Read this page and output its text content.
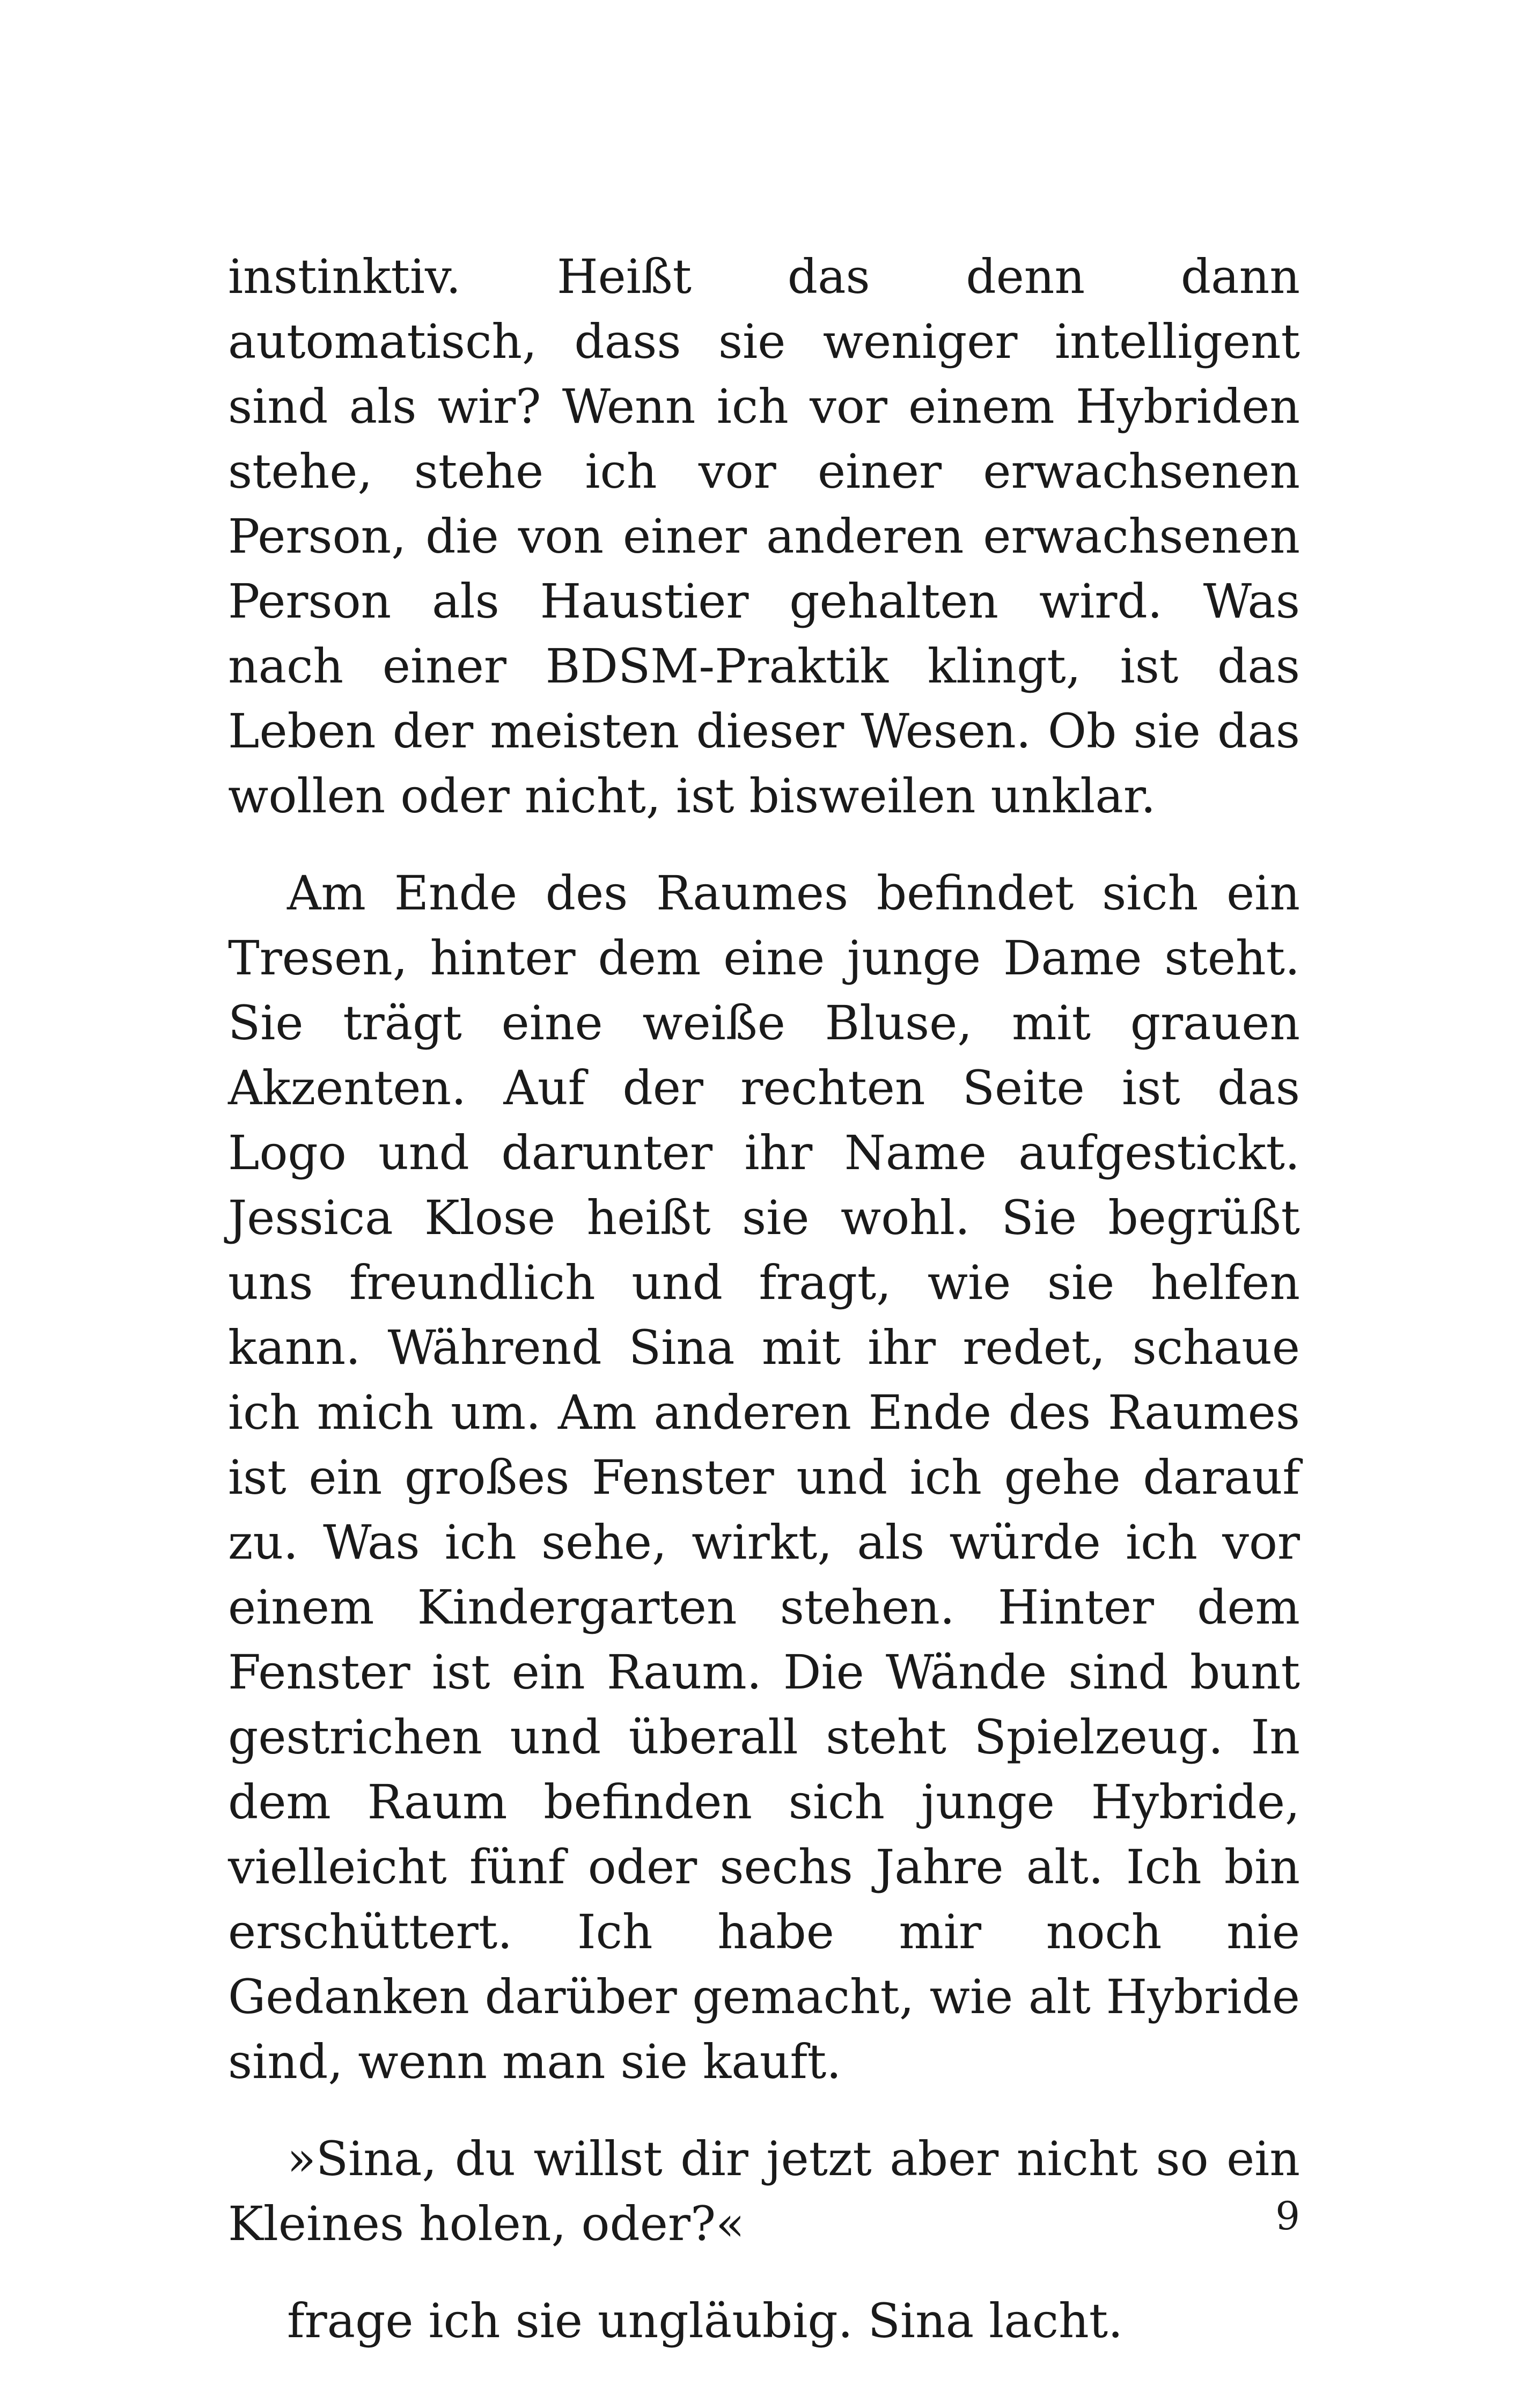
instinktiv. Heißt das denn dann automatisch, dass sie weniger intelligent sind als wir? Wenn ich vor einem Hybriden stehe, stehe ich vor einer erwachsenen Person, die von einer anderen erwachsenen Person als Haustier gehalten wird. Was nach einer BDSM-Praktik klingt, ist das Leben der meisten dieser Wesen. Ob sie das wollen oder nicht, ist bisweilen unklar.

Am Ende des Raumes befindet sich ein Tresen, hinter dem eine junge Dame steht. Sie trägt eine weiße Bluse, mit grauen Akzenten. Auf der rechten Seite ist das Logo und darunter ihr Name aufgestickt. Jessica Klose heißt sie wohl. Sie begrüßt uns freundlich und fragt, wie sie helfen kann. Während Sina mit ihr redet, schaue ich mich um. Am anderen Ende des Raumes ist ein großes Fenster und ich gehe darauf zu. Was ich sehe, wirkt, als würde ich vor einem Kindergarten stehen. Hinter dem Fenster ist ein Raum. Die Wände sind bunt gestrichen und überall steht Spielzeug. In dem Raum befinden sich junge Hybride, vielleicht fünf oder sechs Jahre alt. Ich bin erschüttert. Ich habe mir noch nie Gedanken darüber gemacht, wie alt Hybride sind, wenn man sie kauft.

»Sina, du willst dir jetzt aber nicht so ein Kleines holen, oder?«

frage ich sie ungläubig. Sina lacht.

9
